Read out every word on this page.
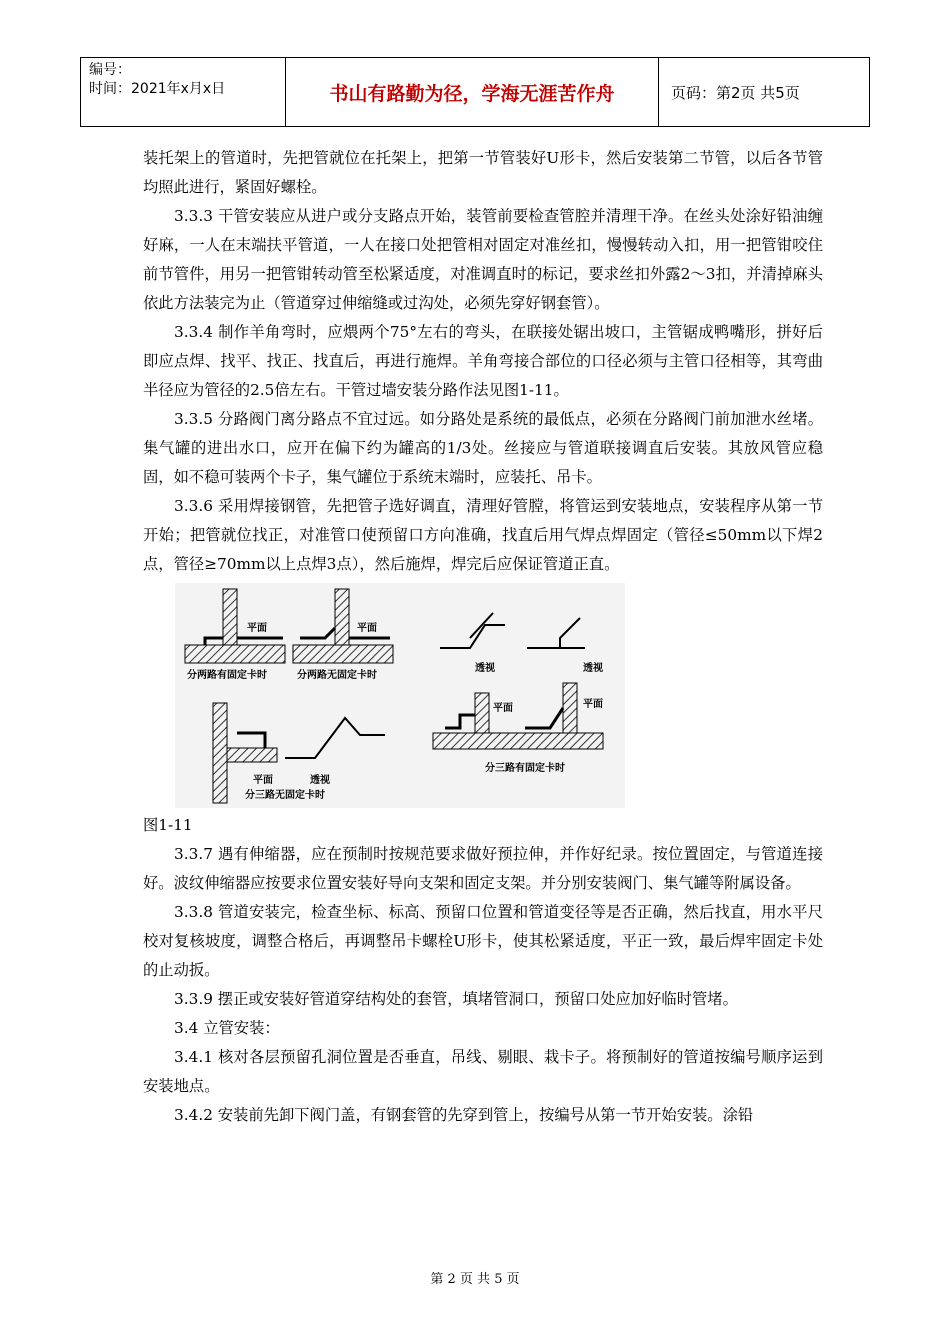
编号：
时间：2021年x月x日	书山有路勤为径，学海无涯苦作舟	页码：第2页 共5页

装托架上的管道时，先把管就位在托架上，把第一节管装好U形卡，然后安装第二节管，以后各节管均照此进行，紧固好螺栓。

3.3.3 干管安装应从进户或分支路点开始，装管前要检查管腔并清理干净。在丝头处涂好铅油缠好麻，一人在末端扶平管道，一人在接口处把管相对固定对准丝扣，慢慢转动入扣，用一把管钳咬住前节管件，用另一把管钳转动管至松紧适度，对准调直时的标记，要求丝扣外露2～3扣，并清掉麻头依此方法装完为止（管道穿过伸缩缝或过沟处，必须先穿好钢套管）。

3.3.4 制作羊角弯时，应煨两个75°左右的弯头，在联接处锯出坡口，主管锯成鸭嘴形，拼好后即应点焊、找平、找正、找直后，再进行施焊。羊角弯接合部位的口径必须与主管口径相等，其弯曲半径应为管径的2.5倍左右。干管过墙安装分路作法见图1-11。

3.3.5 分路阀门离分路点不宜过远。如分路处是系统的最低点，必须在分路阀门前加泄水丝堵。集气罐的进出水口，应开在偏下约为罐高的1/3处。丝接应与管道联接调直后安装。其放风管应稳固，如不稳可装两个卡子，集气罐位于系统末端时，应装托、吊卡。

3.3.6 采用焊接钢管，先把管子选好调直，清理好管膛，将管运到安装地点，安装程序从第一节开始；把管就位找正，对准管口使预留口方向准确，找直后用气焊点焊固定（管径≤50mm以下焊2点，管径≥70mm以上点焊3点），然后施焊，焊完后应保证管道正直。

平面
分两路有固定卡时
平面
分两路无固定卡时
透视	透视
平面	透视
分三路无固定卡时
平面	平面
分三路有固定卡时

图1-11

3.3.7 遇有伸缩器，应在预制时按规范要求做好预拉伸，并作好纪录。按位置固定，与管道连接好。波纹伸缩器应按要求位置安装好导向支架和固定支架。并分别安装阀门、集气罐等附属设备。

3.3.8 管道安装完，检查坐标、标高、预留口位置和管道变径等是否正确，然后找直，用水平尺校对复核坡度，调整合格后，再调整吊卡螺栓U形卡，使其松紧适度，平正一致，最后焊牢固定卡处的止动扳。

3.3.9 摆正或安装好管道穿结构处的套管，填堵管洞口，预留口处应加好临时管堵。

3.4 立管安装：

3.4.1 核对各层预留孔洞位置是否垂直，吊线、剔眼、栽卡子。将预制好的管道按编号顺序运到安装地点。

3.4.2 安装前先卸下阀门盖，有钢套管的先穿到管上，按编号从第一节开始安装。涂铅

第 2 页 共 5 页
